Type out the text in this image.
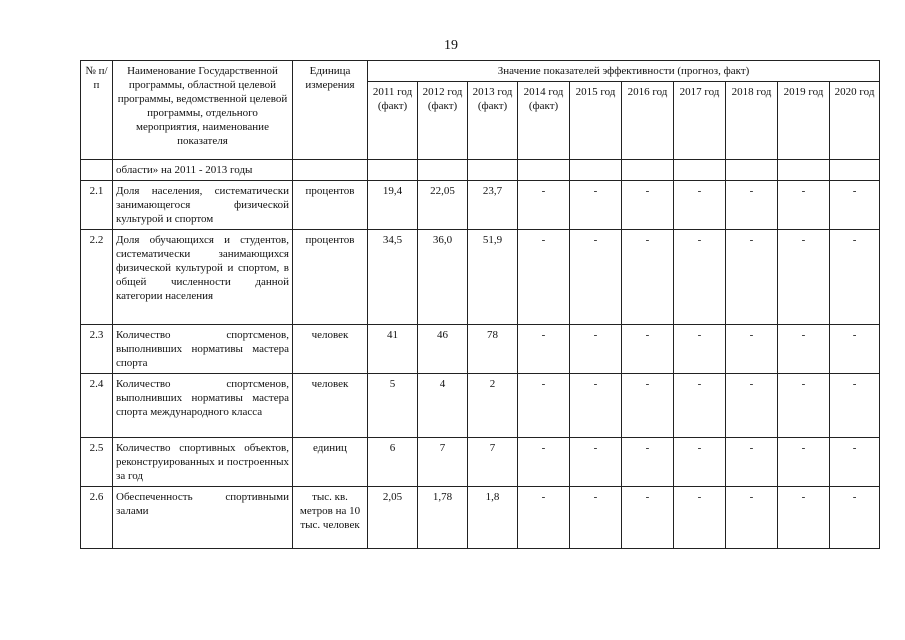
19
№ п/п	Наименование Государственной программы, областной целевой программы, ведомственной целевой программы, отдельного мероприятия, наименование показателя	Единица измерения	Значение показателей эффективности (прогноз, факт)									
			2011 год (факт)	2012 год (факт)	2013 год (факт)	2014 год (факт)	2015 год	2016 год	2017 год	2018 год	2019 год	2020 год
	области» на 2011 - 2013 годы											
2.1	Доля населения, систематически занимающегося физической культурой и спортом	процентов	19,4	22,05	23,7	-	-	-	-	-	-	-
2.2	Доля обучающихся и студентов, систематически занимающихся физической культурой и спортом, в общей численности данной категории населения	процентов	34,5	36,0	51,9	-	-	-	-	-	-	-
2.3	Количество спортсменов, выполнивших нормативы мастера спорта	человек	41	46	78	-	-	-	-	-	-	-
2.4	Количество спортсменов, выполнивших нормативы мастера спорта международного класса	человек	5	4	2	-	-	-	-	-	-	-
2.5	Количество спортивных объектов, реконструированных и построенных за год	единиц	6	7	7	-	-	-	-	-	-	-
2.6	Обеспеченность спортивными залами	тыс. кв. метров на 10 тыс. человек	2,05	1,78	1,8	-	-	-	-	-	-	-
